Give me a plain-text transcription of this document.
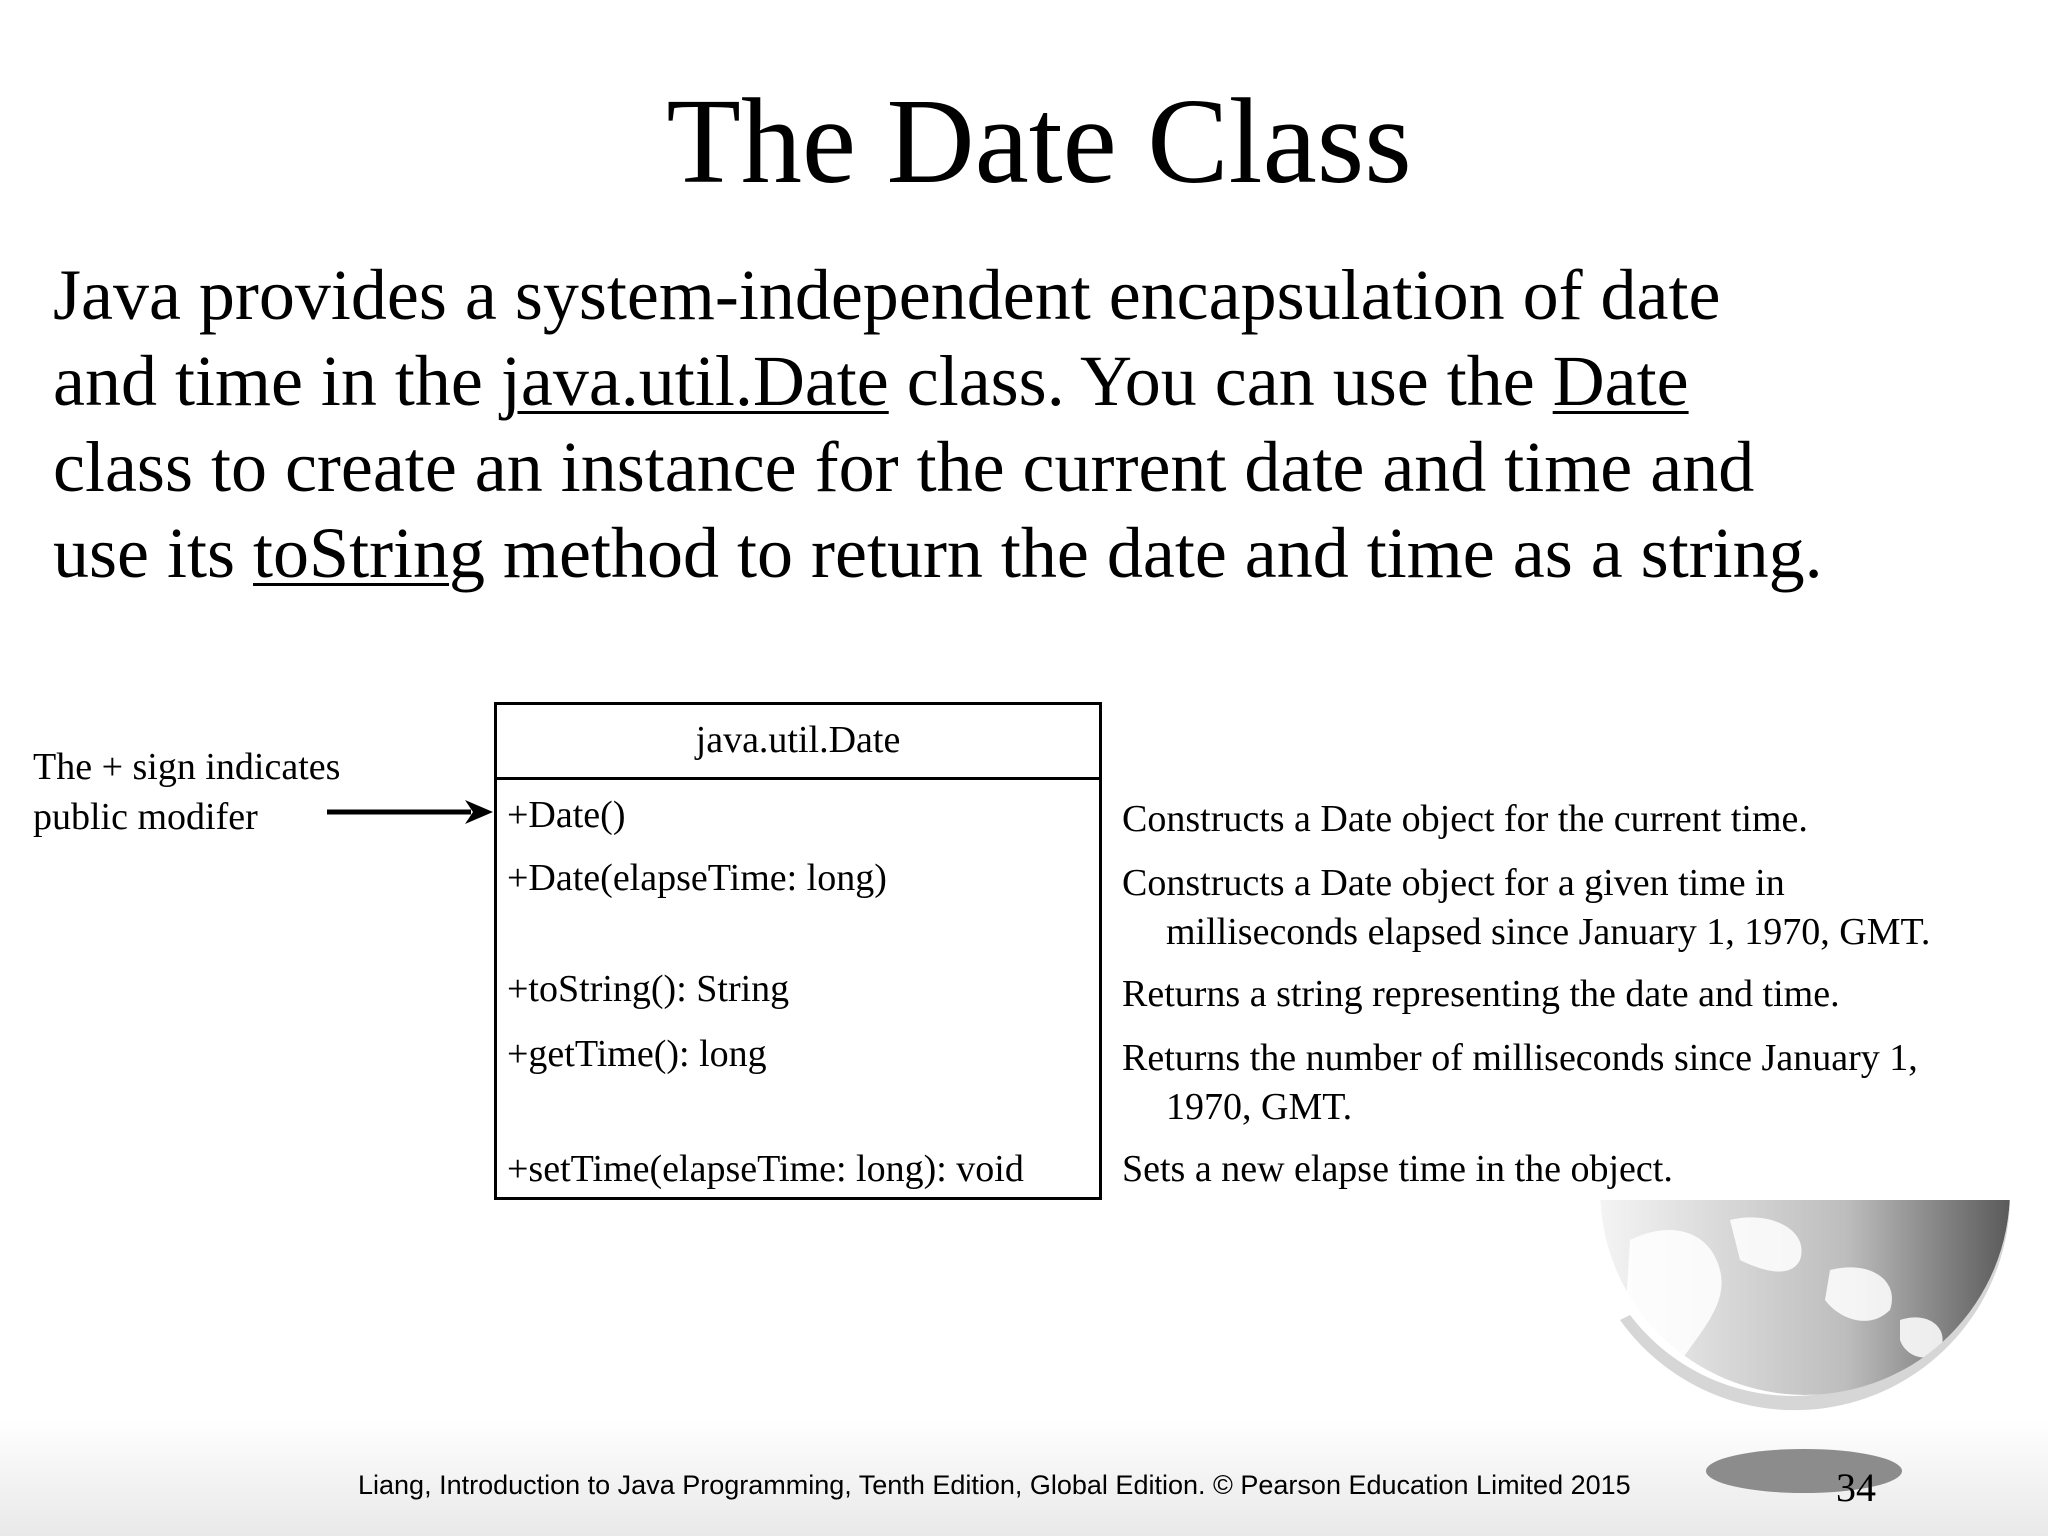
The Date Class
Java provides a system-independent encapsulation of date
and time in the java.util.Date class. You can use the Date
class to create an instance for the current date and time and
use its toString method to return the date and time as a string.
The + sign indicates
public modifer
java.util.Date
+Date()
+Date(elapseTime: long)
+toString(): String
+getTime(): long
+setTime(elapseTime: long): void
Constructs a Date object for the current time.
Constructs a Date object for a given time in
milliseconds elapsed since January 1, 1970, GMT.
Returns a string representing the date and time.
Returns the number of milliseconds since January 1,
1970, GMT.
Sets a new elapse time in the object.
Liang, Introduction to Java Programming, Tenth Edition, Global Edition. © Pearson Education Limited 2015	34
